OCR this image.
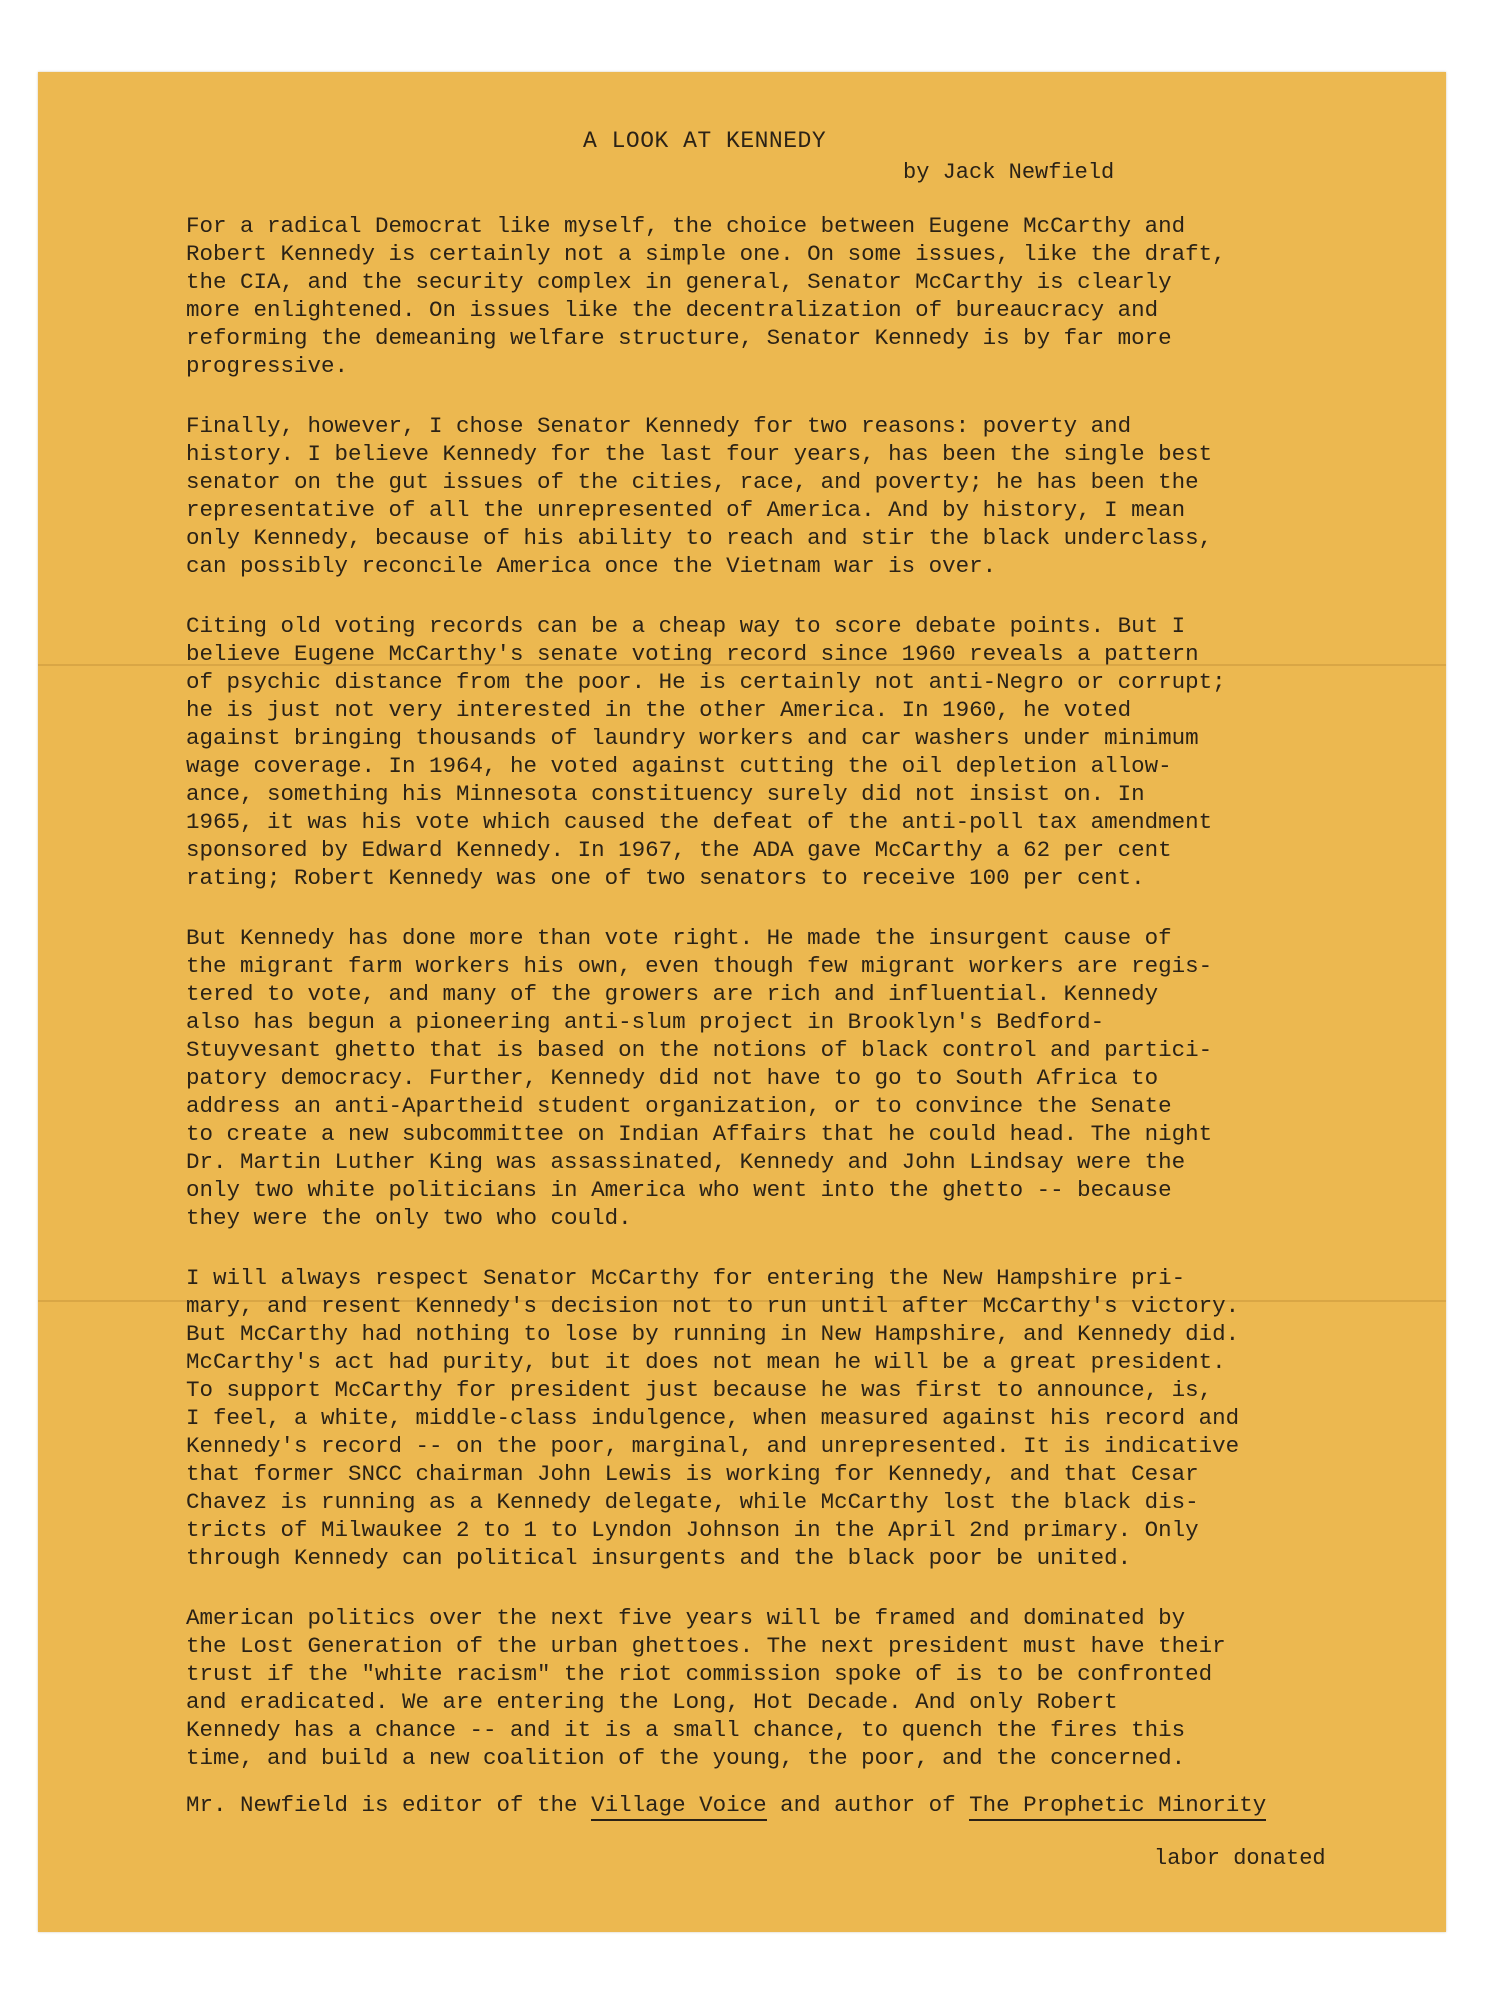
A LOOK AT KENNEDY
by Jack Newfield
For a radical Democrat like myself, the choice between Eugene McCarthy and
Robert Kennedy is certainly not a simple one. On some issues, like the draft,
the CIA, and the security complex in general, Senator McCarthy is clearly
more enlightened. On issues like the decentralization of bureaucracy and
reforming the demeaning welfare structure, Senator Kennedy is by far more
progressive.
Finally, however, I chose Senator Kennedy for two reasons: poverty and
history. I believe Kennedy for the last four years, has been the single best
senator on the gut issues of the cities, race, and poverty; he has been the
representative of all the unrepresented of America. And by history, I mean
only Kennedy, because of his ability to reach and stir the black underclass,
can possibly reconcile America once the Vietnam war is over.
Citing old voting records can be a cheap way to score debate points. But I
believe Eugene McCarthy's senate voting record since 1960 reveals a pattern
of psychic distance from the poor. He is certainly not anti-Negro or corrupt;
he is just not very interested in the other America. In 1960, he voted
against bringing thousands of laundry workers and car washers under minimum
wage coverage. In 1964, he voted against cutting the oil depletion allow-
ance, something his Minnesota constituency surely did not insist on. In
1965, it was his vote which caused the defeat of the anti-poll tax amendment
sponsored by Edward Kennedy. In 1967, the ADA gave McCarthy a 62 per cent
rating; Robert Kennedy was one of two senators to receive 100 per cent.
But Kennedy has done more than vote right. He made the insurgent cause of
the migrant farm workers his own, even though few migrant workers are regis-
tered to vote, and many of the growers are rich and influential. Kennedy
also has begun a pioneering anti-slum project in Brooklyn's Bedford-
Stuyvesant ghetto that is based on the notions of black control and partici-
patory democracy. Further, Kennedy did not have to go to South Africa to
address an anti-Apartheid student organization, or to convince the Senate
to create a new subcommittee on Indian Affairs that he could head. The night
Dr. Martin Luther King was assassinated, Kennedy and John Lindsay were the
only two white politicians in America who went into the ghetto -- because
they were the only two who could.
I will always respect Senator McCarthy for entering the New Hampshire pri-
mary, and resent Kennedy's decision not to run until after McCarthy's victory.
But McCarthy had nothing to lose by running in New Hampshire, and Kennedy did.
McCarthy's act had purity, but it does not mean he will be a great president.
To support McCarthy for president just because he was first to announce, is,
I feel, a white, middle-class indulgence, when measured against his record and
Kennedy's record -- on the poor, marginal, and unrepresented. It is indicative
that former SNCC chairman John Lewis is working for Kennedy, and that Cesar
Chavez is running as a Kennedy delegate, while McCarthy lost the black dis-
tricts of Milwaukee 2 to 1 to Lyndon Johnson in the April 2nd primary. Only
through Kennedy can political insurgents and the black poor be united.
American politics over the next five years will be framed and dominated by
the Lost Generation of the urban ghettoes. The next president must have their
trust if the "white racism" the riot commission spoke of is to be confronted
and eradicated. We are entering the Long, Hot Decade. And only Robert
Kennedy has a chance -- and it is a small chance, to quench the fires this
time, and build a new coalition of the young, the poor, and the concerned.
Mr. Newfield is editor of the Village Voice and author of The Prophetic Minority
labor donated
